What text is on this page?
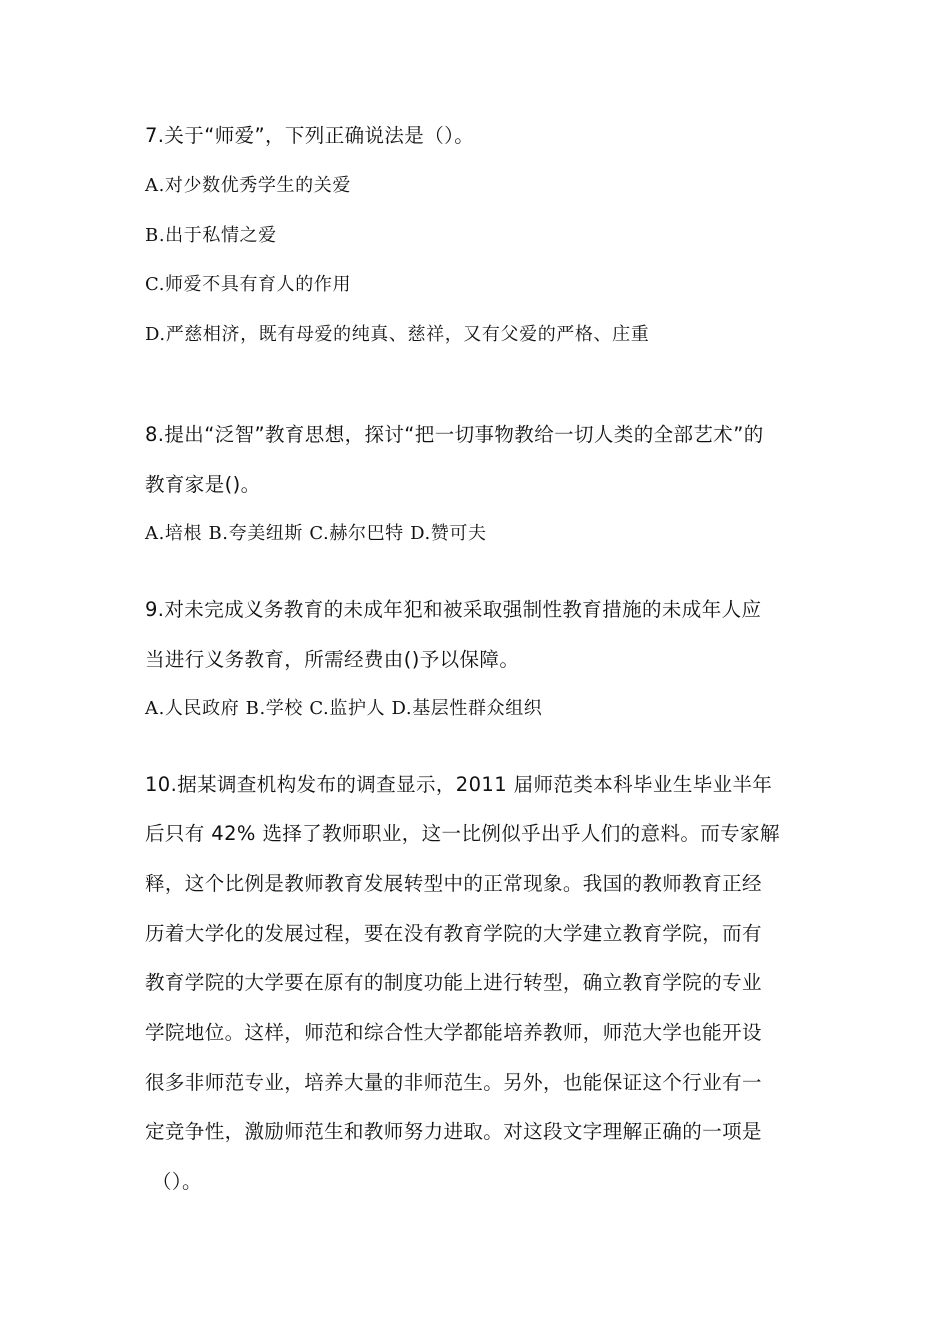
7.关于“师爱”，下列正确说法是（）。
A.对少数优秀学生的关爱
B.出于私情之爱
C.师爱不具有育人的作用
D.严慈相济，既有母爱的纯真、慈祥，又有父爱的严格、庄重
8.提出“泛智”教育思想，探讨“把一切事物教给一切人类的全部艺术”的
教育家是()。
A.培根 B.夸美纽斯 C.赫尔巴特 D.赞可夫
9.对未完成义务教育的未成年犯和被采取强制性教育措施的未成年人应
当进行义务教育，所需经费由()予以保障。
A.人民政府 B.学校 C.监护人 D.基层性群众组织
10.据某调查机构发布的调查显示，2011 届师范类本科毕业生毕业半年
后只有 42% 选择了教师职业，这一比例似乎出乎人们的意料。而专家解
释，这个比例是教师教育发展转型中的正常现象。我国的教师教育正经
历着大学化的发展过程，要在没有教育学院的大学建立教育学院，而有
教育学院的大学要在原有的制度功能上进行转型，确立教育学院的专业
学院地位。这样，师范和综合性大学都能培养教师，师范大学也能开设
很多非师范专业，培养大量的非师范生。另外，也能保证这个行业有一
定竞争性，激励师范生和教师努力进取。对这段文字理解正确的一项是
（）。
